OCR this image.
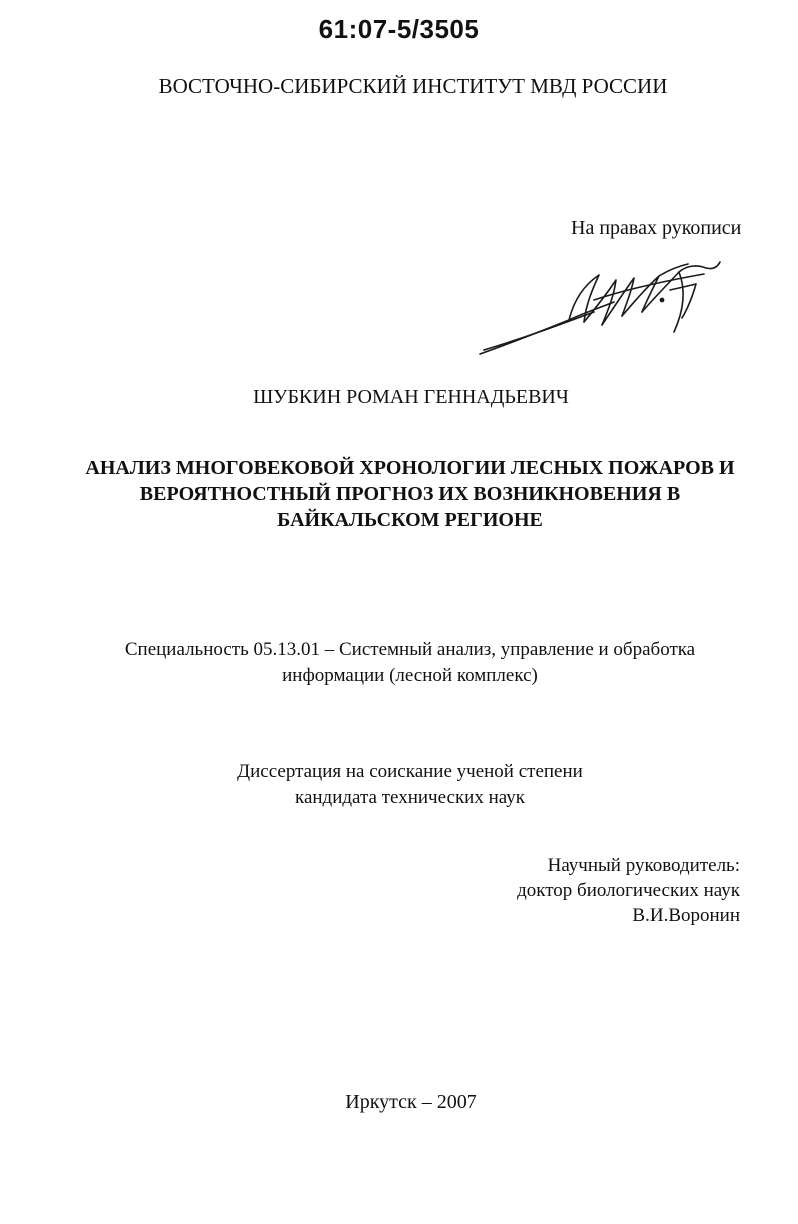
61:07-5/3505
ВОСТОЧНО-СИБИРСКИЙ ИНСТИТУТ МВД РОССИИ
На правах рукописи
ШУБКИН РОМАН ГЕННАДЬЕВИЧ
АНАЛИЗ МНОГОВЕКОВОЙ ХРОНОЛОГИИ ЛЕСНЫХ ПОЖАРОВ И
ВЕРОЯТНОСТНЫЙ ПРОГНОЗ ИХ ВОЗНИКНОВЕНИЯ В
БАЙКАЛЬСКОМ РЕГИОНЕ
Специальность 05.13.01 – Системный анализ, управление и обработка
информации (лесной комплекс)
Диссертация на соискание ученой степени
кандидата технических наук
Научный руководитель:
доктор биологических наук
В.И.Воронин
Иркутск – 2007
